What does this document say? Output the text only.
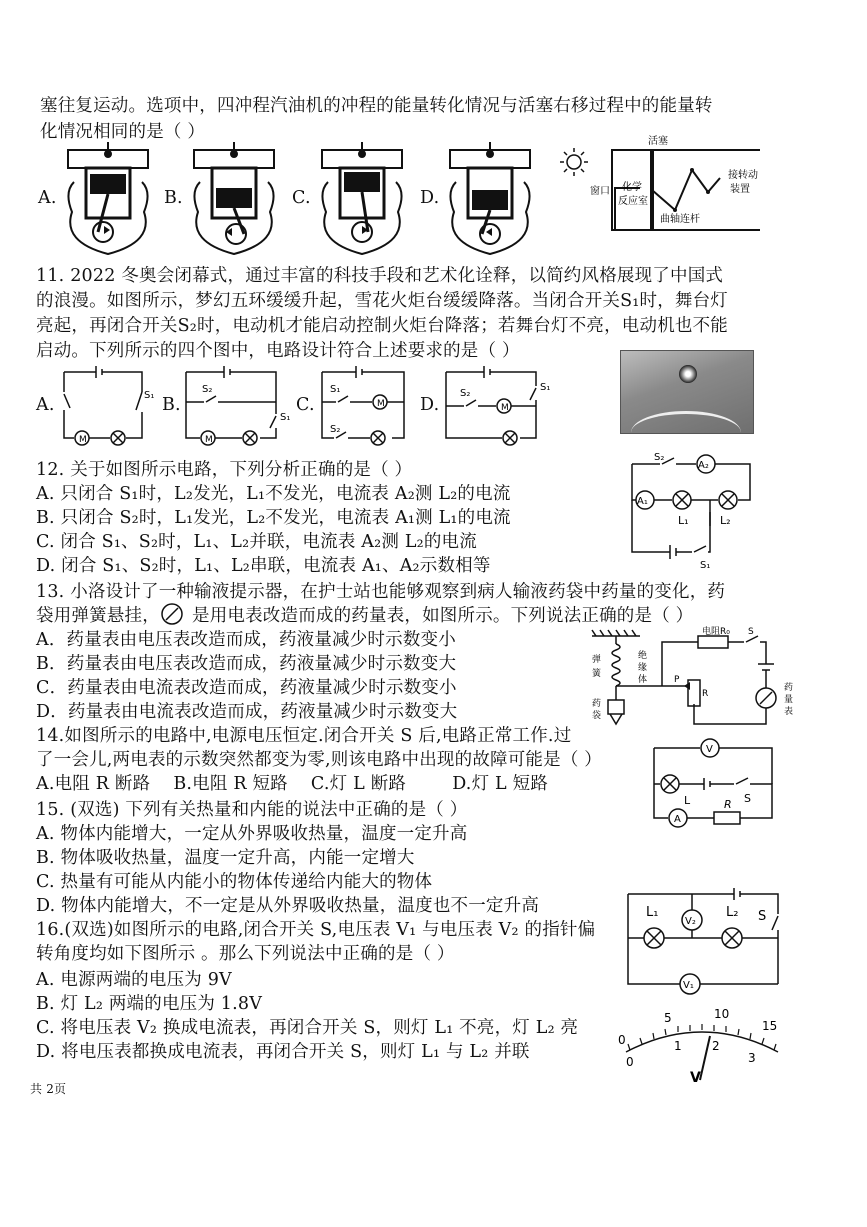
塞往复运动。选项中，四冲程汽油机的冲程的能量转化情况与活塞右移过程中的能量转
化情况相同的是（ ）
A.	B.	C.	D.
活塞
窗口 化学
反应室
曲轴连杆
接转动
装置
11. 2022 冬奥会闭幕式，通过丰富的科技手段和艺术化诠释，以简约风格展现了中国式
的浪漫。如图所示，梦幻五环缓缓升起，雪花火炬台缓缓降落。当闭合开关S₁时，舞台灯
亮起，再闭合开关S₂时，电动机才能启动控制火炬台降落；若舞台灯不亮，电动机也不能
启动。下列所示的四个图中，电路设计符合上述要求的是（ ）
A.	B.	C.	D.
M
S₁
M
S₂
S₁
M
S₁
S₂
M
S₂
S₁
12. 关于如图所示电路，下列分析正确的是（ ）
A. 只闭合 S₁时，L₂发光，L₁不发光，电流表 A₂测 L₂的电流
B. 只闭合 S₂时，L₁发光，L₂不发光，电流表 A₁测 L₁的电流
C. 闭合 S₁、S₂时，L₁、L₂并联，电流表 A₂测 L₂的电流
D. 闭合 S₁、S₂时，L₁、L₂串联，电流表 A₁、A₂示数相等
S₂
A₂
A₁
L₁	L₂
S₁
13. 小洛设计了一种输液提示器，在护士站也能够观察到病人输液药袋中药量的变化，药
袋用弹簧悬挂， 是用电表改造而成的药量表，如图所示。下列说法正确的是（ ）
A．药量表由电压表改造而成，药液量减少时示数变小
B．药量表由电压表改造而成，药液量减少时示数变大
C．药量表由电流表改造而成，药液量减少时示数变小
D．药量表由电流表改造而成，药液量减少时示数变大
电阻R₀ S
弹
簧
绝
缘
体
药
袋
P
R
药
量
表
14.如图所示的电路中,电源电压恒定.闭合开关 S 后,电路正常工作.过
了一会儿,两电表的示数突然都变为零,则该电路中出现的故障可能是（ ）
A.电阻 R 断路    B.电阻 R 短路    C.灯 L 断路        D.灯 L 短路
V
L	S
R
A
15. (双选) 下列有关热量和内能的说法中正确的是（ ）
A. 物体内能增大，一定从外界吸收热量，温度一定升高
B. 物体吸收热量，温度一定升高，内能一定增大
C. 热量有可能从内能小的物体传递给内能大的物体
D. 物体内能增大，不一定是从外界吸收热量，温度也不一定升高
16.(双选)如图所示的电路,闭合开关 S,电压表 V₁ 与电压表 V₂ 的指针偏
转角度均如下图所示 。那么下列说法中正确的是（ ）
A. 电源两端的电压为 9V
B. 灯 L₂ 两端的电压为 1.8V
C. 将电压表 V₂ 换成电流表，再闭合开关 S，则灯 L₁ 不亮，灯 L₂ 亮
D. 将电压表都换成电流表，再闭合开关 S，则灯 L₁ 与 L₂ 并联
L₁
V₂
L₂ S
V₁
0
5	10
15
0
1	2
3
V
共 2页
